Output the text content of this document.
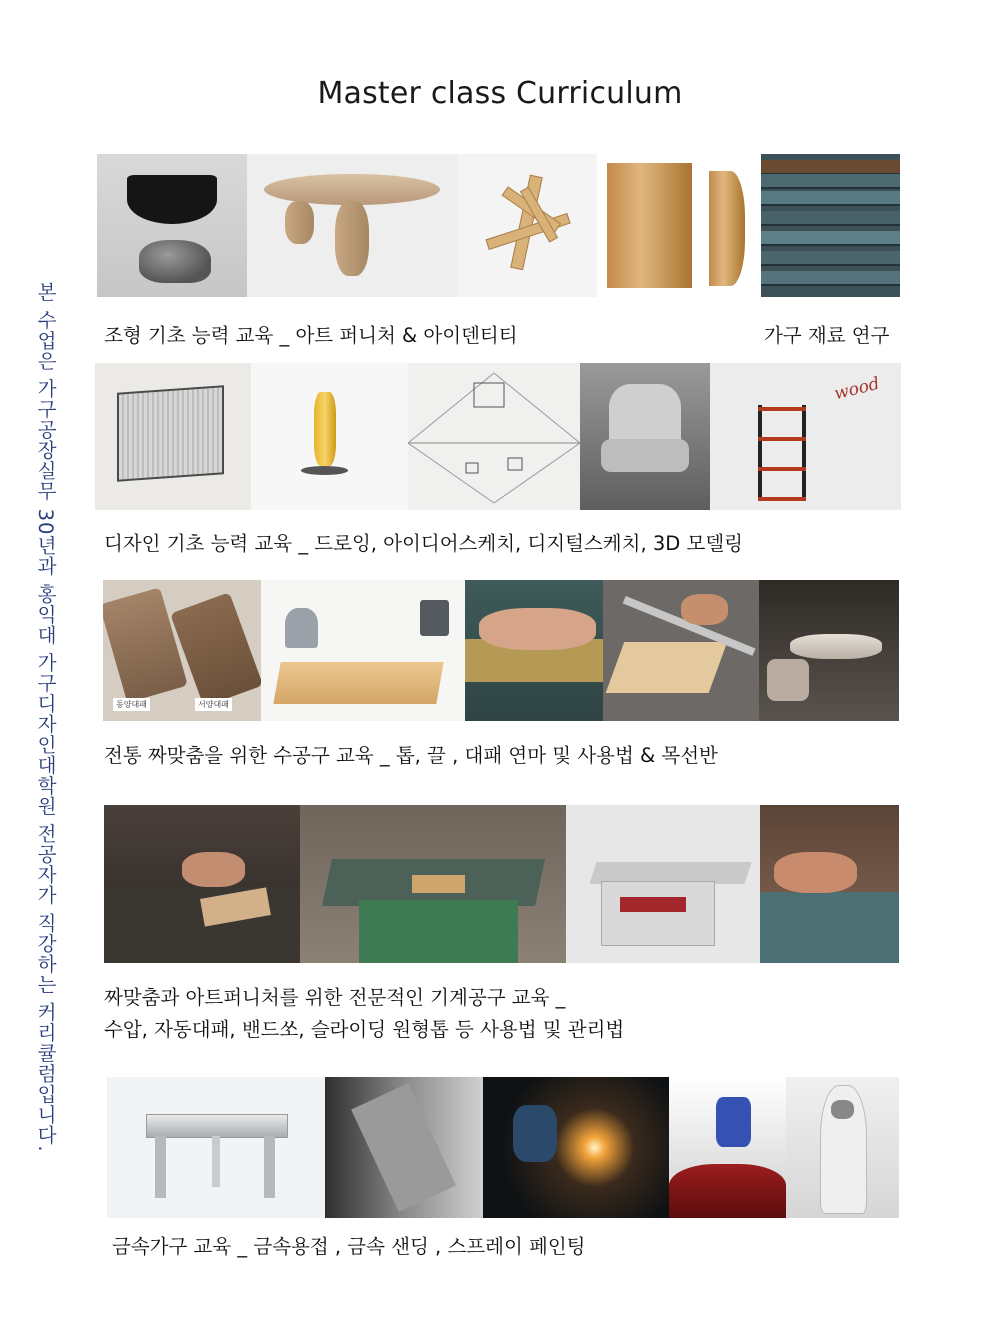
Master class Curriculum
본 수업은 가구공장실무 30년과 홍익대 가구디자인대학원 전공자가 직강하는 커리큘럼입니다. 조형 기초 능력 교육 _ 아트 퍼니처 & 아이덴티티	가구 재료 연구
wood
디자인 기초 능력 교육 _ 드로잉, 아이디어스케치, 디지털스케치, 3D 모델링
동양대패	서양대패
전통 짜맞춤을 위한 수공구 교육 _ 톱, 끌 , 대패 연마 및 사용법 & 목선반
짜맞춤과 아트퍼니처를 위한 전문적인 기계공구 교육 _
수압, 자동대패, 밴드쏘, 슬라이딩 원형톱 등 사용법 및 관리법
금속가구 교육 _ 금속용접 , 금속 샌딩 , 스프레이 페인팅
